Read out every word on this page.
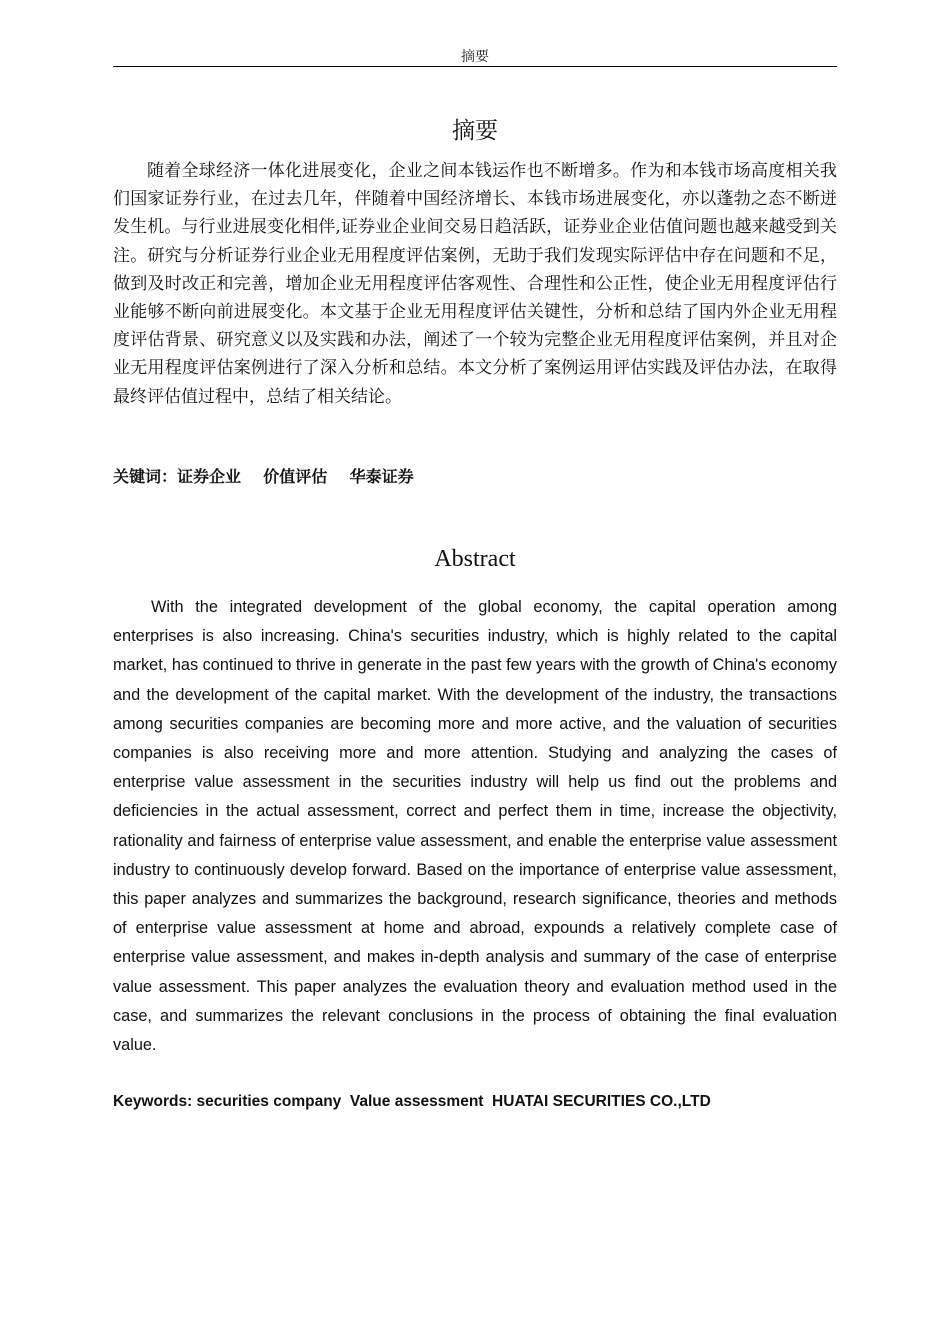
摘要
摘要

随着全球经济一体化进展变化，企业之间本钱运作也不断增多。作为和本钱市场高度相关我们国家证券行业，在过去几年，伴随着中国经济增长、本钱市场进展变化，亦以蓬勃之态不断迸发生机。与行业进展变化相伴,证券业企业间交易日趋活跃，证券业企业估值问题也越来越受到关注。研究与分析证券行业企业无用程度评估案例，无助于我们发现实际评估中存在问题和不足，做到及时改正和完善，增加企业无用程度评估客观性、合理性和公正性，使企业无用程度评估行业能够不断向前进展变化。本文基于企业无用程度评估关键性，分析和总结了国内外企业无用程度评估背景、研究意义以及实践和办法，阐述了一个较为完整企业无用程度评估案例，并且对企业无用程度评估案例进行了深入分析和总结。本文分析了案例运用评估实践及评估办法，在取得最终评估值过程中，总结了相关结论。

关键词：证券企业    价值评估    华泰证券
Abstract

With the integrated development of the global economy, the capital operation among enterprises is also increasing. China's securities industry, which is highly related to the capital market, has continued to thrive in generate in the past few years with the growth of China's economy and the development of the capital market. With the development of the industry, the transactions among securities companies are becoming more and more active, and the valuation of securities companies is also receiving more and more attention. Studying and analyzing the cases of enterprise value assessment in the securities industry will help us find out the problems and deficiencies in the actual assessment, correct and perfect them in time, increase the objectivity, rationality and fairness of enterprise value assessment, and enable the enterprise value assessment industry to continuously develop forward. Based on the importance of enterprise value assessment, this paper analyzes and summarizes the background, research significance, theories and methods of enterprise value assessment at home and abroad, expounds a relatively complete case of enterprise value assessment, and makes in-depth analysis and summary of the case of enterprise value assessment. This paper analyzes the evaluation theory and evaluation method used in the case, and summarizes the relevant conclusions in the process of obtaining the final evaluation value.

Keywords: securities company  Value assessment  HUATAI SECURITIES CO.,LTD
